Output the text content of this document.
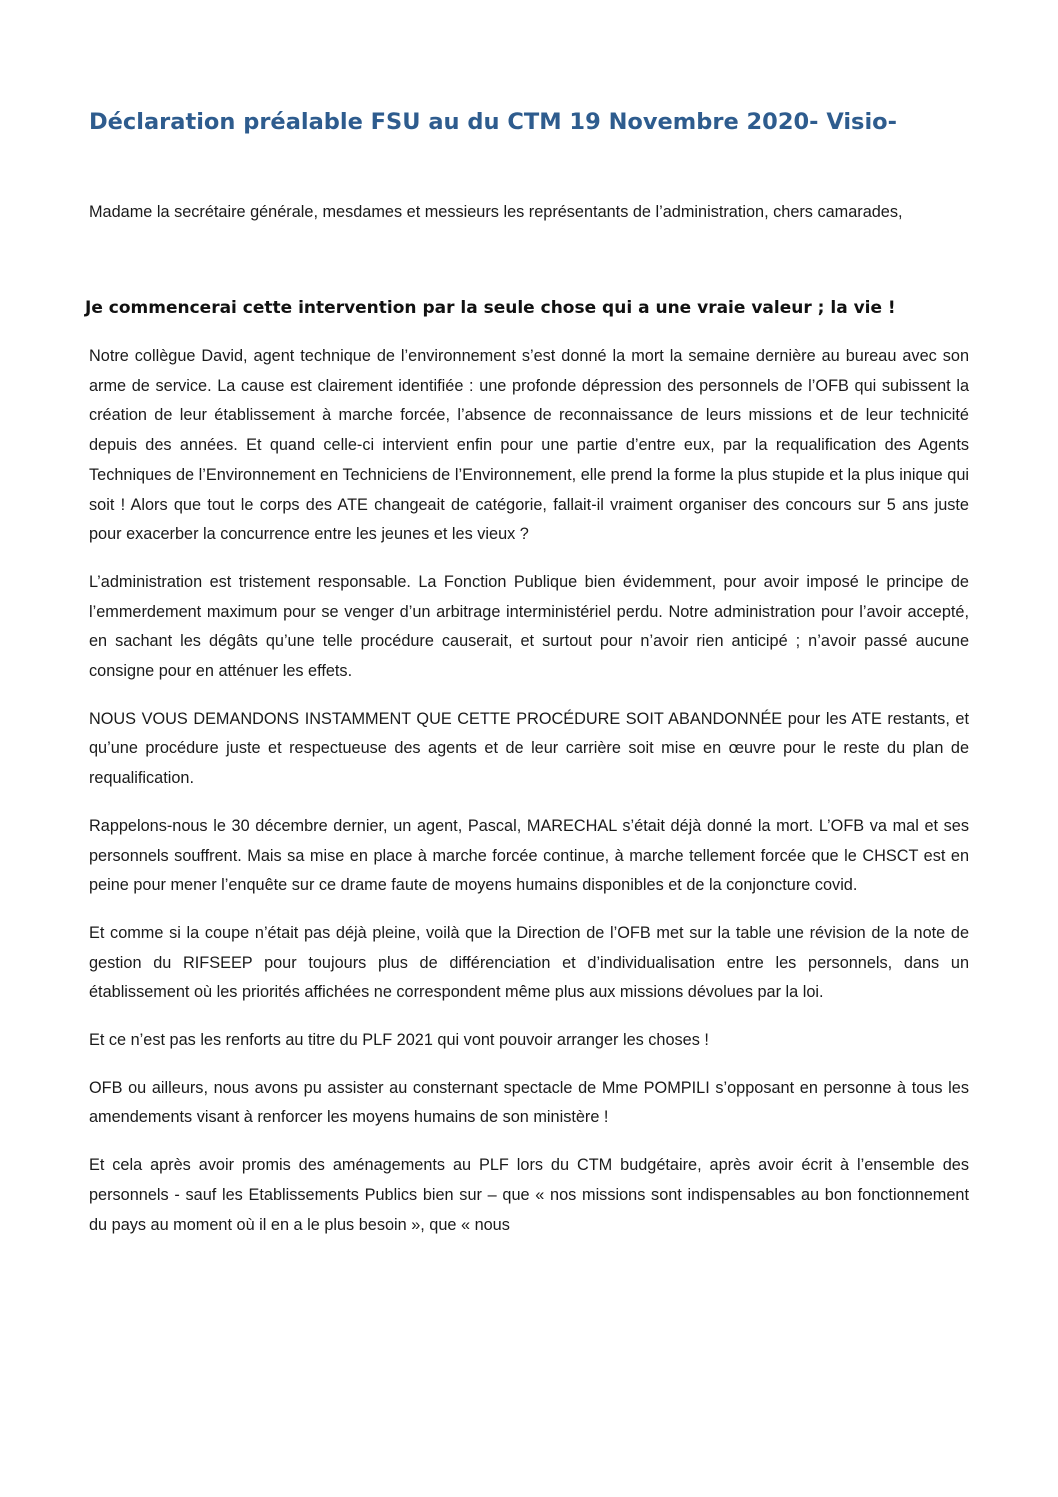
Déclaration préalable FSU au du CTM 19 Novembre 2020- Visio-

Madame la secrétaire générale, mesdames et messieurs les représentants de l’administration, chers camarades,

Je commencerai cette intervention par la seule chose qui a une vraie valeur ; la vie !

Notre collègue David, agent technique de l’environnement s’est donné la mort la semaine dernière au bureau avec son arme de service. La cause est clairement identifiée : une profonde dépression des personnels de l’OFB qui subissent la création de leur établissement à marche forcée, l’absence de reconnaissance de leurs missions et de leur technicité depuis des années. Et quand celle-ci intervient enfin pour une partie d’entre eux, par la requalification des Agents Techniques de l’Environnement en Techniciens de l’Environnement, elle prend la forme la plus stupide et la plus inique qui soit ! Alors que tout le corps des ATE changeait de catégorie, fallait-il vraiment organiser des concours sur 5 ans juste pour exacerber la concurrence entre les jeunes et les vieux ?

L’administration est tristement responsable. La Fonction Publique bien évidemment, pour avoir imposé le principe de l’emmerdement maximum pour se venger d’un arbitrage interministériel perdu. Notre administration pour l’avoir accepté, en sachant les dégâts qu’une telle procédure causerait, et surtout pour n’avoir rien anticipé ; n’avoir passé aucune consigne pour en atténuer les effets.

NOUS VOUS DEMANDONS INSTAMMENT QUE CETTE PROCÉDURE SOIT ABANDONNÉE pour les ATE restants, et qu’une procédure juste et respectueuse des agents et de leur carrière soit mise en œuvre pour le reste du plan de requalification.

Rappelons-nous le 30 décembre dernier, un agent, Pascal, MARECHAL s’était déjà donné la mort. L’OFB va mal et ses personnels souffrent. Mais sa mise en place à marche forcée continue, à marche tellement forcée que le CHSCT est en peine pour mener l’enquête sur ce drame faute de moyens humains disponibles et de la conjoncture covid.

Et comme si la coupe n’était pas déjà pleine, voilà que la Direction de l’OFB met sur la table une révision de la note de gestion du RIFSEEP pour toujours plus de différenciation et d’individualisation entre les personnels, dans un établissement où les priorités affichées ne correspondent même plus aux missions dévolues par la loi.

Et ce n’est pas les renforts au titre du PLF 2021 qui vont pouvoir arranger les choses !

OFB ou ailleurs, nous avons pu assister au consternant spectacle de Mme POMPILI s’opposant en personne à tous les amendements visant à renforcer les moyens humains de son ministère !

Et cela après avoir promis des aménagements au PLF lors du CTM budgétaire, après avoir écrit à l’ensemble des personnels - sauf les Etablissements Publics bien sur – que « nos missions sont indispensables au bon fonctionnement du pays au moment où il en a le plus besoin », que « nous
